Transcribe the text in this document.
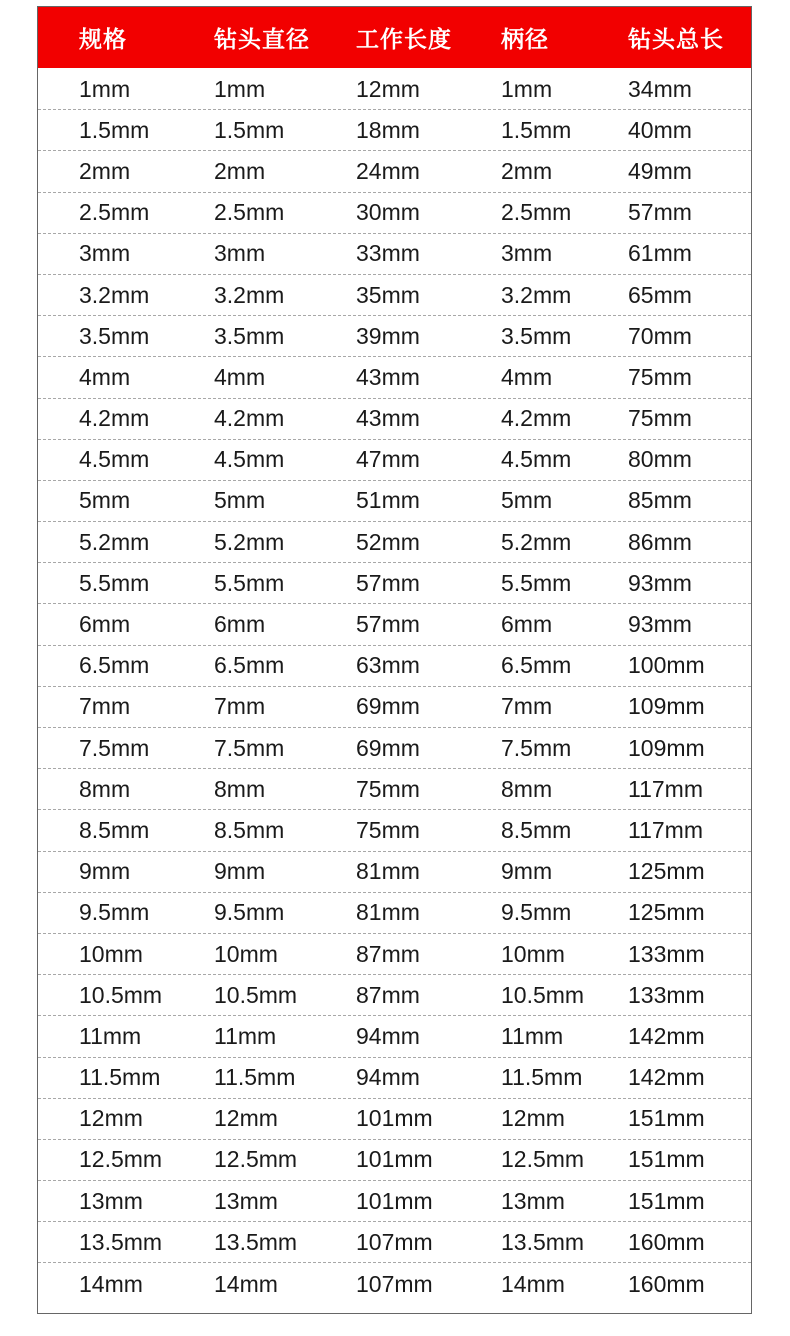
规格	钻头直径 工作长度 柄径	钻头总长
1mm	1mm	12mm	1mm	34mm
1.5mm	1.5mm	18mm	1.5mm 40mm
2mm	2mm	24mm	2mm	49mm
2.5mm	2.5mm	30mm	2.5mm 57mm
3mm	3mm	33mm	3mm	61mm
3.2mm	3.2mm	35mm	3.2mm 65mm
3.5mm	3.5mm	39mm	3.5mm 70mm
4mm	4mm	43mm	4mm	75mm
4.2mm	4.2mm	43mm	4.2mm 75mm
4.5mm	4.5mm	47mm	4.5mm 80mm
5mm	5mm	51mm	5mm	85mm
5.2mm	5.2mm	52mm	5.2mm 86mm
5.5mm	5.5mm	57mm	5.5mm 93mm
6mm	6mm	57mm	6mm	93mm
6.5mm	6.5mm	63mm	6.5mm 100mm
7mm	7mm	69mm	7mm	109mm
7.5mm	7.5mm	69mm	7.5mm 109mm
8mm	8mm	75mm	8mm	117mm
8.5mm	8.5mm	75mm	8.5mm 117mm
9mm	9mm	81mm	9mm	125mm
9.5mm	9.5mm	81mm	9.5mm 125mm
10mm	10mm	87mm	10mm	133mm
10.5mm 10.5mm	87mm	10.5mm 133mm
11mm	11mm	94mm	11mm	142mm
11.5mm 11.5mm	94mm	11.5mm 142mm
12mm	12mm	101mm	12mm	151mm
12.5mm 12.5mm	101mm	12.5mm 151mm
13mm	13mm	101mm	13mm	151mm
13.5mm 13.5mm	107mm	13.5mm 160mm
14mm	14mm	107mm	14mm	160mm
